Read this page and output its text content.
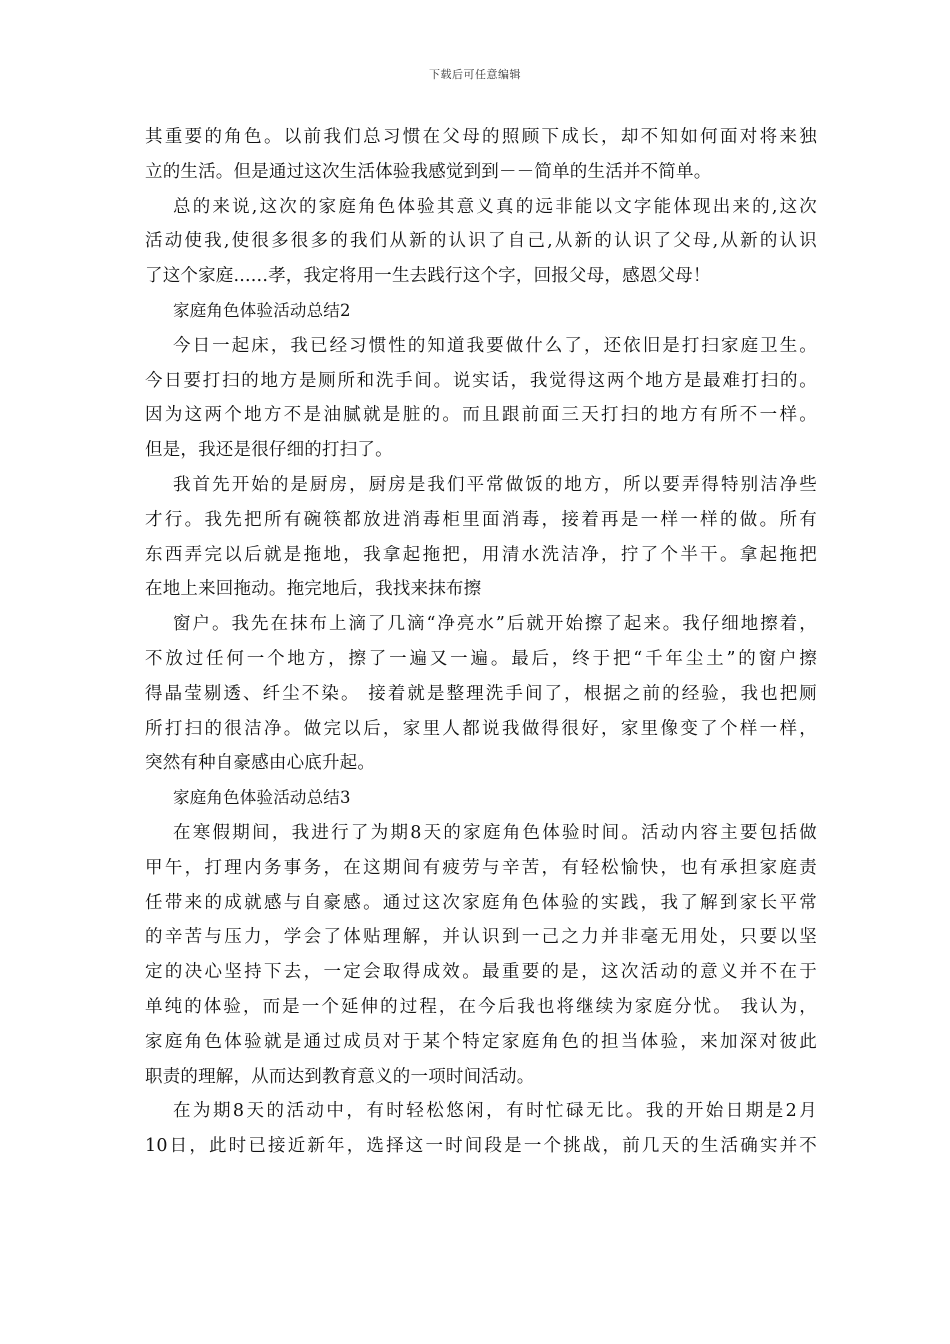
下载后可任意编辑
其重要的角色。以前我们总习惯在父母的照顾下成长，却不知如何面对将来独
立的生活。但是通过这次生活体验我感觉到到－－简单的生活并不简单。
总的来说,这次的家庭角色体验其意义真的远非能以文字能体现出来的,这次
活动使我,使很多很多的我们从新的认识了自己,从新的认识了父母,从新的认识
了这个家庭......孝，我定将用一生去践行这个字，回报父母，感恩父母！
家庭角色体验活动总结2
今日一起床，我已经习惯性的知道我要做什么了，还依旧是打扫家庭卫生。
今日要打扫的地方是厕所和洗手间。说实话，我觉得这两个地方是最难打扫的。
因为这两个地方不是油腻就是脏的。而且跟前面三天打扫的地方有所不一样。
但是，我还是很仔细的打扫了。
我首先开始的是厨房，厨房是我们平常做饭的地方，所以要弄得特别洁净些
才行。我先把所有碗筷都放进消毒柜里面消毒，接着再是一样一样的做。所有
东西弄完以后就是拖地，我拿起拖把，用清水洗洁净，拧了个半干。拿起拖把
在地上来回拖动。拖完地后，我找来抹布擦
窗户。我先在抹布上滴了几滴“净亮水”后就开始擦了起来。我仔细地擦着，
不放过任何一个地方，擦了一遍又一遍。最后，终于把“千年尘土”的窗户擦
得晶莹剔透、纤尘不染。 接着就是整理洗手间了，根据之前的经验，我也把厕
所打扫的很洁净。做完以后，家里人都说我做得很好，家里像变了个样一样，
突然有种自豪感由心底升起。
家庭角色体验活动总结3
在寒假期间，我进行了为期8天的家庭角色体验时间。活动内容主要包括做
甲午，打理内务事务，在这期间有疲劳与辛苦，有轻松愉快，也有承担家庭责
任带来的成就感与自豪感。通过这次家庭角色体验的实践，我了解到家长平常
的辛苦与压力，学会了体贴理解，并认识到一己之力并非毫无用处，只要以坚
定的决心坚持下去，一定会取得成效。最重要的是，这次活动的意义并不在于
单纯的体验，而是一个延伸的过程，在今后我也将继续为家庭分忧。 我认为，
家庭角色体验就是通过成员对于某个特定家庭角色的担当体验，来加深对彼此
职责的理解，从而达到教育意义的一项时间活动。
在为期8天的活动中，有时轻松悠闲，有时忙碌无比。我的开始日期是2月
10日，此时已接近新年，选择这一时间段是一个挑战，前几天的生活确实并不
